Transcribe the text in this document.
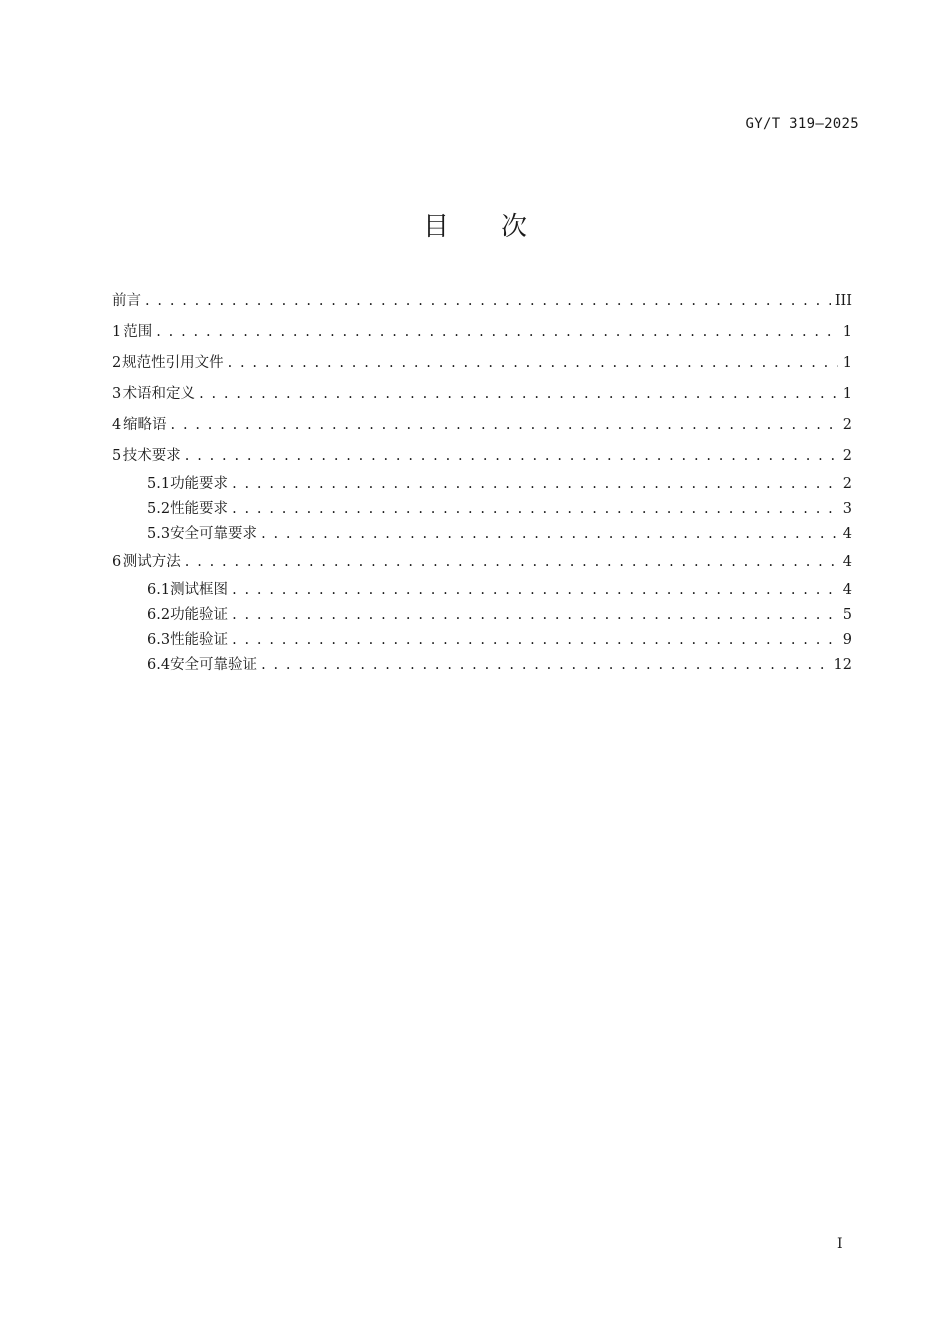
GY/T 319—2025
目次
前言 . . .	III
1 范围 . . .	1
2 规范性引用文件 . . .	1
3 术语和定义 . . .	1
4 缩略语 . . .	2
5 技术要求 . . .	2
5.1 功能要求 . . .	2
5.2 性能要求 . . .	3
5.3 安全可靠要求 . . .	4
6 测试方法 . . .	4
6.1 测试框图 . . .	4
6.2 功能验证 . . .	5
6.3 性能验证 . . .	9
6.4 安全可靠验证 . . .	12
I
